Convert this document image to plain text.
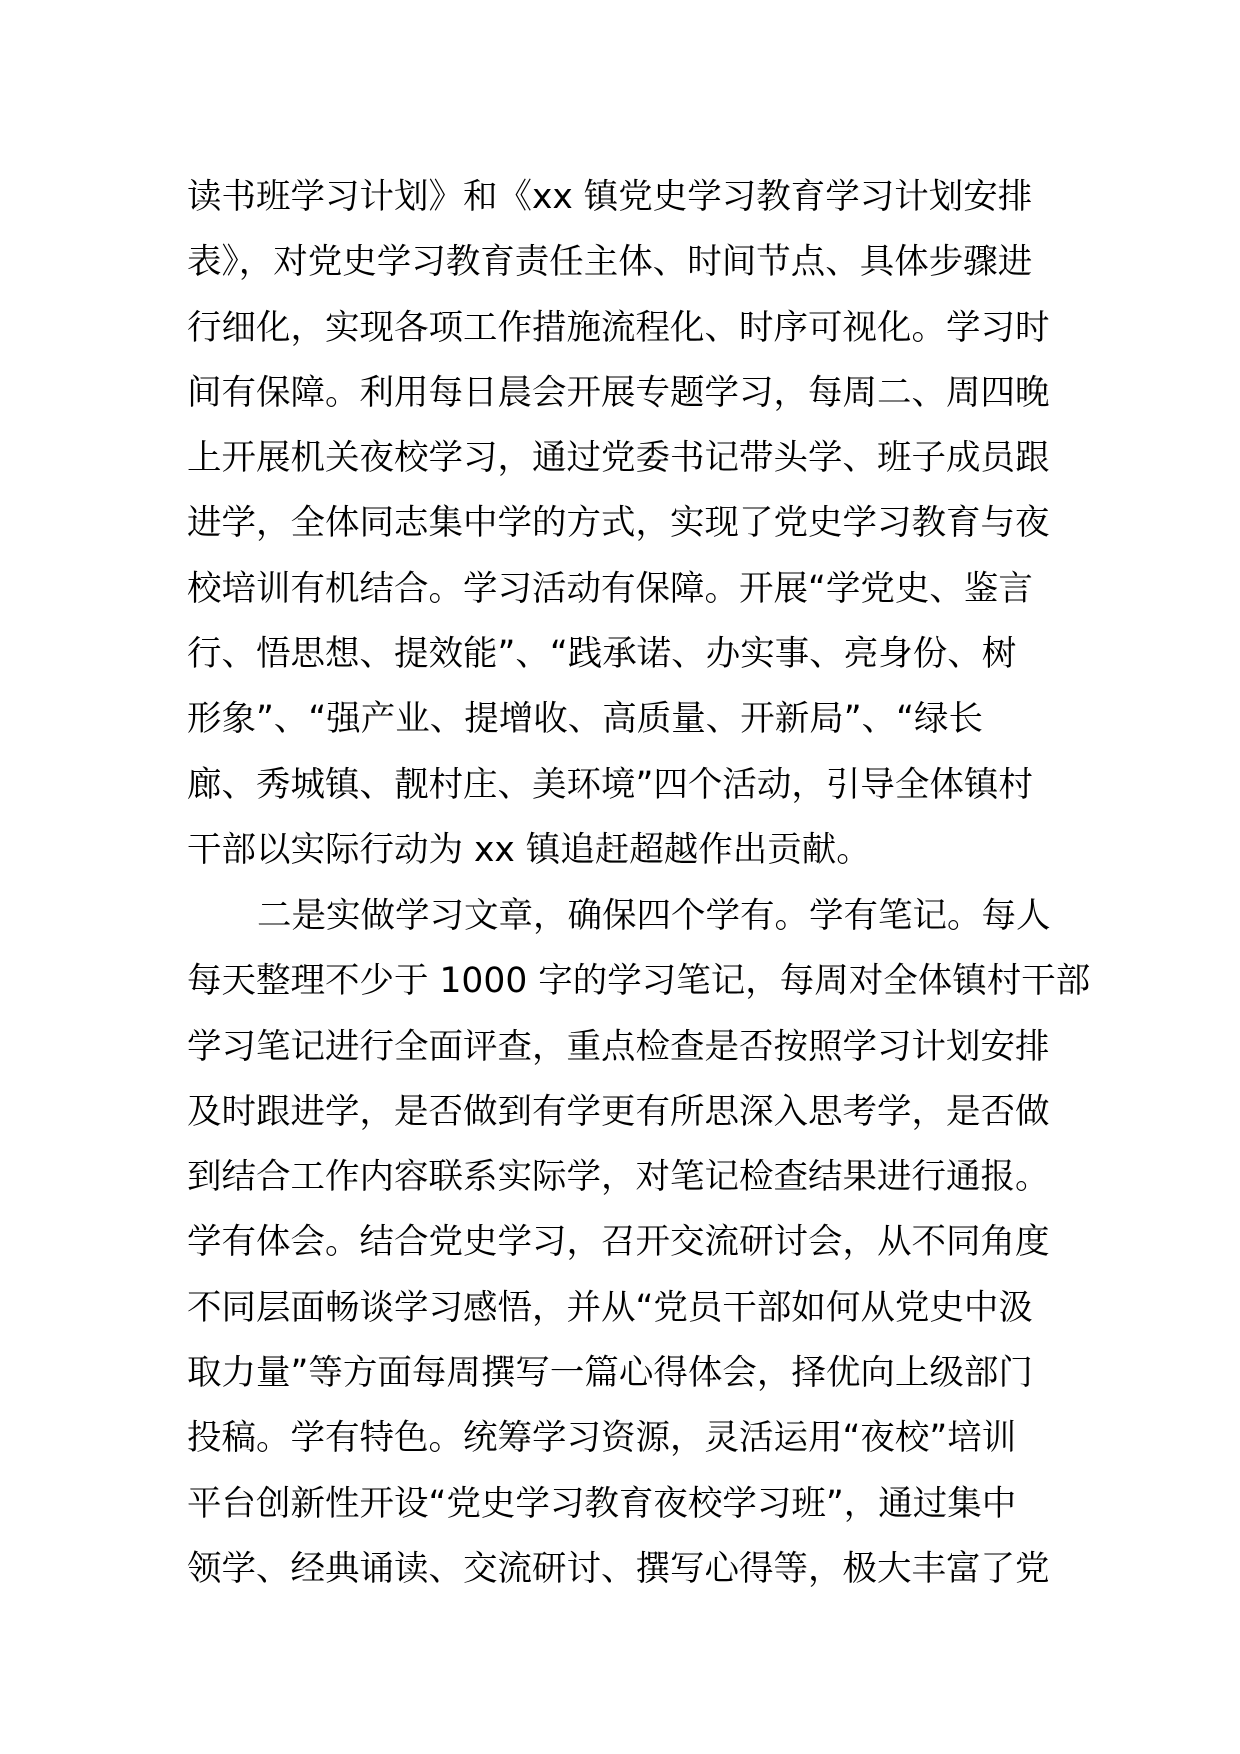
读书班学习计划》和《xx 镇党史学习教育学习计划安排
表》，对党史学习教育责任主体、时间节点、具体步骤进
行细化，实现各项工作措施流程化、时序可视化。学习时
间有保障。利用每日晨会开展专题学习，每周二、周四晚
上开展机关夜校学习，通过党委书记带头学、班子成员跟
进学，全体同志集中学的方式，实现了党史学习教育与夜
校培训有机结合。学习活动有保障。开展“学党史、鉴言
行、悟思想、提效能”、“践承诺、办实事、亮身份、树
形象”、“强产业、提增收、高质量、开新局”、“绿长
廊、秀城镇、靓村庄、美环境”四个活动，引导全体镇村
干部以实际行动为 xx 镇追赶超越作出贡献。
二是实做学习文章，确保四个学有。学有笔记。每人
每天整理不少于 1000 字的学习笔记，每周对全体镇村干部
学习笔记进行全面评查，重点检查是否按照学习计划安排
及时跟进学，是否做到有学更有所思深入思考学，是否做
到结合工作内容联系实际学，对笔记检查结果进行通报。
学有体会。结合党史学习，召开交流研讨会，从不同角度
不同层面畅谈学习感悟，并从“党员干部如何从党史中汲
取力量”等方面每周撰写一篇心得体会，择优向上级部门
投稿。学有特色。统筹学习资源，灵活运用“夜校”培训
平台创新性开设“党史学习教育夜校学习班”，通过集中
领学、经典诵读、交流研讨、撰写心得等，极大丰富了党
